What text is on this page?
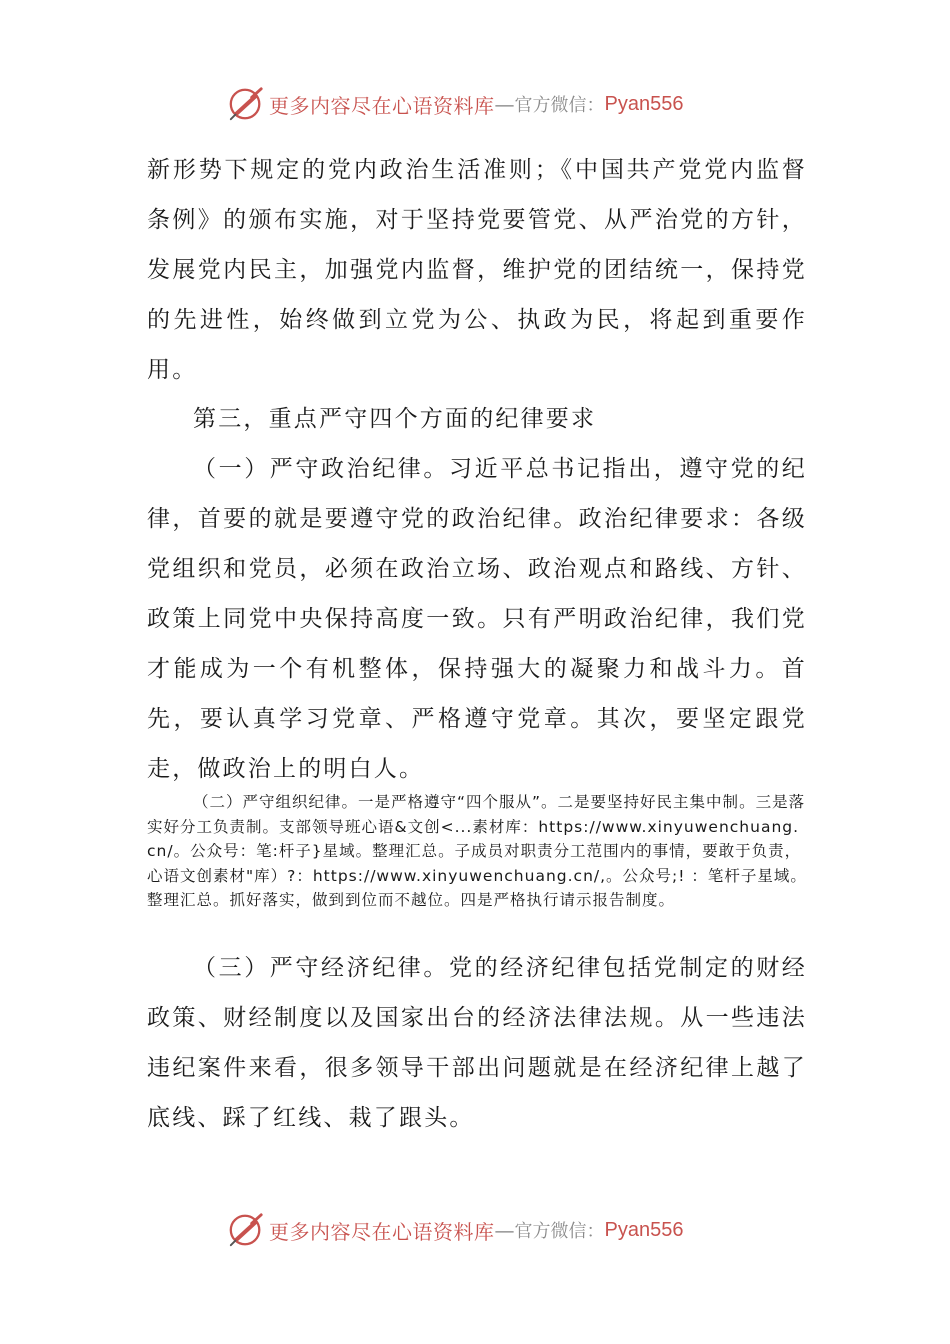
更多内容尽在心语资料库 — 官方微信： Pyan556

新形势下规定的党内政治生活准则；《中国共产党党内监督条例》的颁布实施，对于坚持党要管党、从严治党的方针，发展党内民主，加强党内监督，维护党的团结统一，保持党的先进性，始终做到立党为公、执政为民，将起到重要作用。

第三，重点严守四个方面的纪律要求

（一）严守政治纪律。习近平总书记指出，遵守党的纪律，首要的就是要遵守党的政治纪律。政治纪律要求：各级党组织和党员，必须在政治立场、政治观点和路线、方针、政策上同党中央保持高度一致。只有严明政治纪律，我们党才能成为一个有机整体，保持强大的凝聚力和战斗力。首先，要认真学习党章、严格遵守党章。其次，要坚定跟党走，做政治上的明白人。

（二）严守组织纪律。一是严格遵守“四个服从”。二是要坚持好民主集中制。三是落实好分工负责制。支部领导班心语&文创<...素材库：https://www.xinyuwenchuang.cn/。公众号：笔:杆子}星域。整理汇总。子成员对职责分工范围内的事情，要敢于负责，心语文创素材"库）?：https://www.xinyuwenchuang.cn/,。公众号;! ：笔杆子星域。整理汇总。抓好落实，做到到位而不越位。四是严格执行请示报告制度。

（三）严守经济纪律。党的经济纪律包括党制定的财经政策、财经制度以及国家出台的经济法律法规。从一些违法违纪案件来看，很多领导干部出问题就是在经济纪律上越了底线、踩了红线、栽了跟头。

更多内容尽在心语资料库 — 官方微信： Pyan556
